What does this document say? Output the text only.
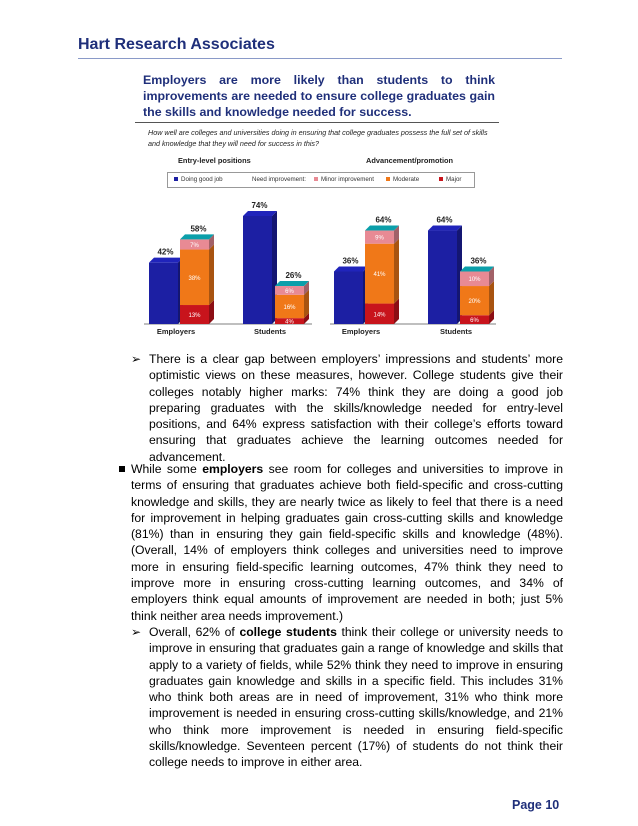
Hart Research Associates
Employers are more likely than students to think improvements are needed to ensure college graduates gain the skills and knowledge needed for success.
How well are colleges and universities doing in ensuring that college graduates possess the full set of skills and knowledge that they will need for success in this?
Entry-level positions	Advancement/promotion
Doing good job	Need improvement:	Minor improvement	Moderate	Major
42%
13%
38%
7%
58%
Employers
74%
4%
16%
6%
26%
Students
36%
14%
41%
9%
64%
Employers
64%
6%
20%
10%
36%
Students
➢ There is a clear gap between employers’ impressions and students’ more optimistic views on these measures, however. College students give their colleges notably higher marks: 74% think they are doing a good job preparing graduates with the skills/knowledge needed for entry-level positions, and 64% express satisfaction with their college’s efforts toward ensuring that graduates achieve the learning outcomes needed for advancement.
While some employers see room for colleges and universities to improve in terms of ensuring that graduates achieve both field-specific and cross-cutting knowledge and skills, they are nearly twice as likely to feel that there is a need for improvement in helping graduates gain cross-cutting skills and knowledge (81%) than in ensuring they gain field-specific skills and knowledge (48%). (Overall, 14% of employers think colleges and universities need to improve more in ensuring field-specific learning outcomes, 47% think they need to improve more in ensuring cross-cutting learning outcomes, and 34% of employers think equal amounts of improvement are needed in both; just 5% think neither area needs improvement.)
➢ Overall, 62% of college students think their college or university needs to improve in ensuring that graduates gain a range of knowledge and skills that apply to a variety of fields, while 52% think they need to improve in ensuring graduates gain knowledge and skills in a specific field. This includes 31% who think both areas are in need of improvement, 31% who think more improvement is needed in ensuring cross-cutting skills/knowledge, and 21% who think more improvement is needed in ensuring field-specific skills/knowledge. Seventeen percent (17%) of students do not think their college needs to improve in either area.
Page 10
